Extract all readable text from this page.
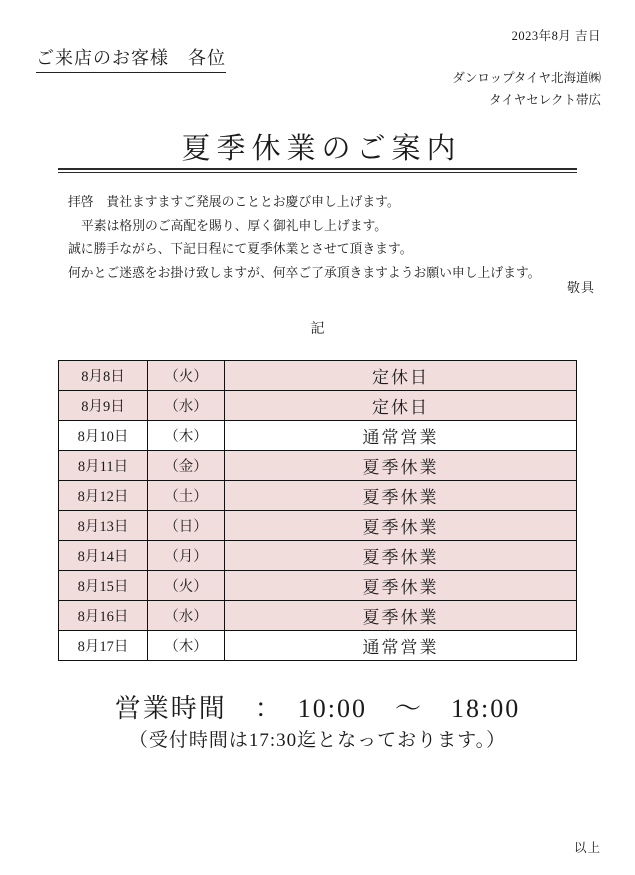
2023年8月 吉日
ご来店のお客様　各位
ダンロップタイヤ北海道㈱
タイヤセレクト帯広
夏季休業のご案内
拝啓　貴社ますますご発展のこととお慶び申し上げます。
平素は格別のご高配を賜り、厚く御礼申し上げます。
誠に勝手ながら、下記日程にて夏季休業とさせて頂きます。
何かとご迷惑をお掛け致しますが、何卒ご了承頂きますようお願い申し上げます。
敬具
記
8月8日	（火）	定休日
8月9日	（水）	定休日
8月10日	（木）	通常営業
8月11日	（金）	夏季休業
8月12日	（土）	夏季休業
8月13日	（日）	夏季休業
8月14日	（月）	夏季休業
8月15日	（火）	夏季休業
8月16日	（水）	夏季休業
8月17日	（木）	通常営業
営業時間　：　10:00　〜　18:00
（受付時間は17:30迄となっております。）
以上
